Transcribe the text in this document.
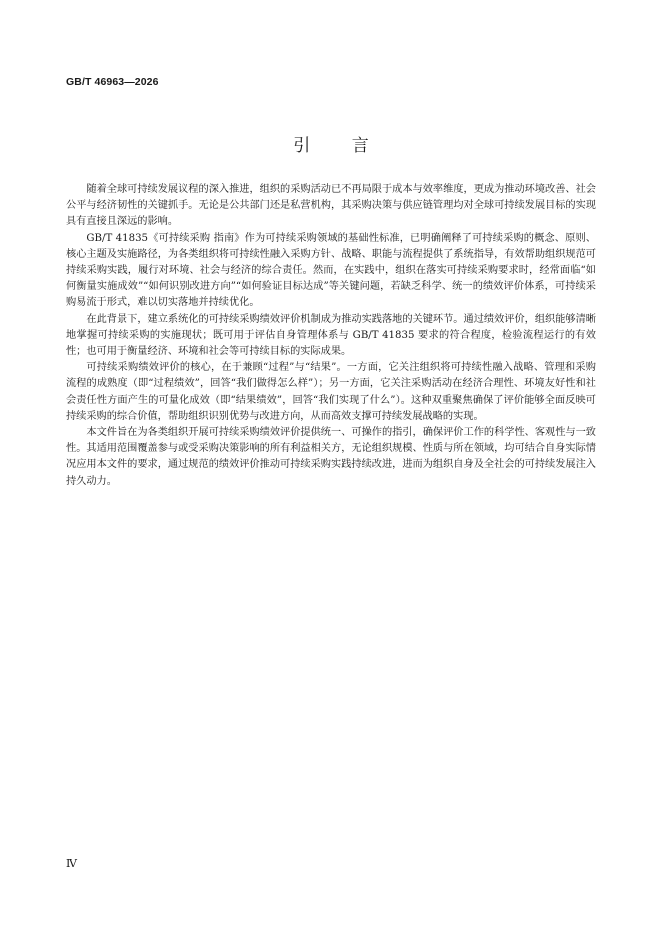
GB/T 46963—2026
引 言

随着全球可持续发展议程的深入推进，组织的采购活动已不再局限于成本与效率维度，更成为推动环境改善、社会公平与经济韧性的关键抓手。无论是公共部门还是私营机构，其采购决策与供应链管理均对全球可持续发展目标的实现具有直接且深远的影响。

GB/T 41835《可持续采购 指南》作为可持续采购领域的基础性标准，已明确阐释了可持续采购的概念、原则、核心主题及实施路径，为各类组织将可持续性融入采购方针、战略、职能与流程提供了系统指导，有效帮助组织规范可持续采购实践，履行对环境、社会与经济的综合责任。然而，在实践中，组织在落实可持续采购要求时，经常面临“如何衡量实施成效”“如何识别改进方向”“如何验证目标达成”等关键问题，若缺乏科学、统一的绩效评价体系，可持续采购易流于形式，难以切实落地并持续优化。

在此背景下，建立系统化的可持续采购绩效评价机制成为推动实践落地的关键环节。通过绩效评价，组织能够清晰地掌握可持续采购的实施现状；既可用于评估自身管理体系与 GB/T 41835 要求的符合程度，检验流程运行的有效性；也可用于衡量经济、环境和社会等可持续目标的实际成果。

可持续采购绩效评价的核心，在于兼顾“过程”与“结果”。一方面，它关注组织将可持续性融入战略、管理和采购流程的成熟度（即“过程绩效”，回答“我们做得怎么样”）；另一方面，它关注采购活动在经济合理性、环境友好性和社会责任性方面产生的可量化成效（即“结果绩效”，回答“我们实现了什么”）。这种双重聚焦确保了评价能够全面反映可持续采购的综合价值，帮助组织识别优势与改进方向，从而高效支撑可持续发展战略的实现。

本文件旨在为各类组织开展可持续采购绩效评价提供统一、可操作的指引，确保评价工作的科学性、客观性与一致性。其适用范围覆盖参与或受采购决策影响的所有利益相关方，无论组织规模、性质与所在领域，均可结合自身实际情况应用本文件的要求，通过规范的绩效评价推动可持续采购实践持续改进，进而为组织自身及全社会的可持续发展注入持久动力。

Ⅳ
